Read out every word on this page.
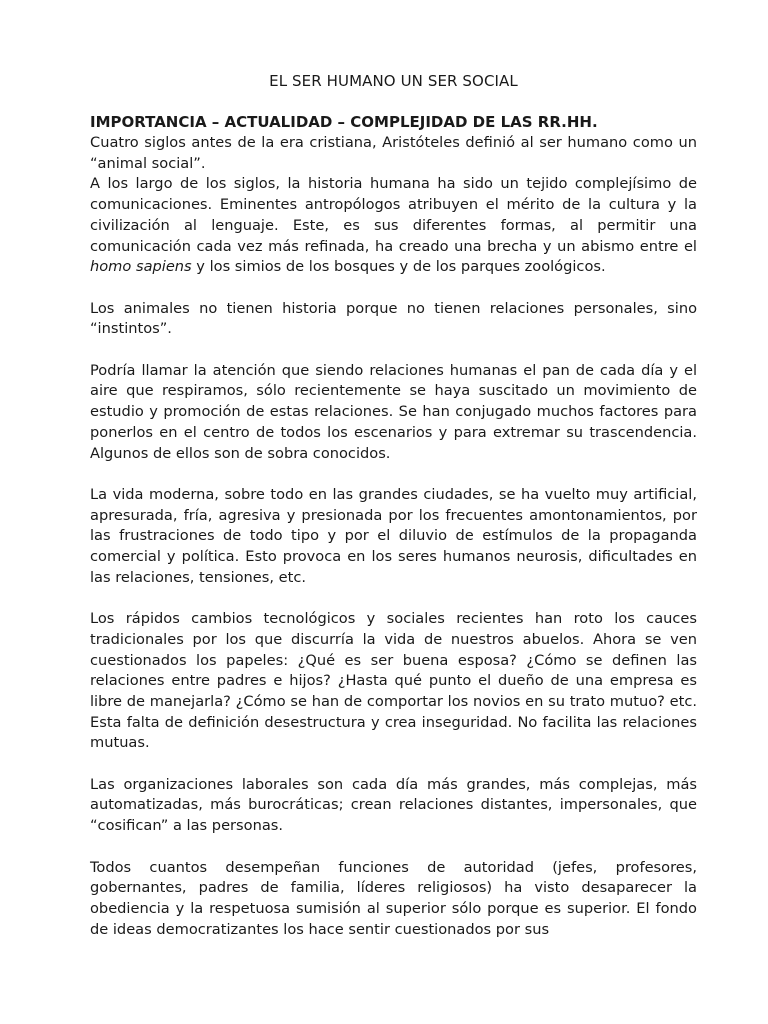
EL SER HUMANO UN SER SOCIAL
IMPORTANCIA – ACTUALIDAD – COMPLEJIDAD DE LAS RR.HH.

Cuatro siglos antes de la era cristiana, Aristóteles definió al ser humano como un “animal social”.

A los largo de los siglos, la historia humana ha sido un tejido complejísimo de comunicaciones. Eminentes antropólogos atribuyen el mérito de la cultura y la civilización al lenguaje. Este, es sus diferentes formas, al permitir una comunicación cada vez más refinada, ha creado una brecha y un abismo entre el homo sapiens y los simios de los bosques y de los parques zoológicos.

Los animales no tienen historia porque no tienen relaciones personales, sino “instintos”.

Podría llamar la atención que siendo relaciones humanas el pan de cada día y el aire que respiramos, sólo recientemente se haya suscitado un movimiento de estudio y promoción de estas relaciones. Se han conjugado muchos factores para ponerlos en el centro de todos los escenarios y para extremar su trascendencia. Algunos de ellos son de sobra conocidos.

La vida moderna, sobre todo en las grandes ciudades, se ha vuelto muy artificial, apresurada, fría, agresiva y presionada por los frecuentes amontonamientos, por las frustraciones de todo tipo y por el diluvio de estímulos de la propaganda comercial y política. Esto provoca en los seres humanos neurosis, dificultades en las relaciones, tensiones, etc.

Los rápidos cambios tecnológicos y sociales recientes han roto los cauces tradicionales por los que discurría la vida de nuestros abuelos. Ahora se ven cuestionados los papeles: ¿Qué es ser buena esposa? ¿Cómo se definen las relaciones entre padres e hijos? ¿Hasta qué punto el dueño de una empresa es libre de manejarla? ¿Cómo se han de comportar los novios en su trato mutuo? etc. Esta falta de definición desestructura y crea inseguridad. No facilita las relaciones mutuas.

Las organizaciones laborales son cada día más grandes, más complejas, más automatizadas, más burocráticas; crean relaciones distantes, impersonales, que “cosifican” a las personas.

Todos cuantos desempeñan funciones de autoridad (jefes, profesores, gobernantes, padres de familia, líderes religiosos) ha visto desaparecer la obediencia y la respetuosa sumisión al superior sólo porque es superior. El fondo de ideas democratizantes los hace sentir cuestionados por sus
